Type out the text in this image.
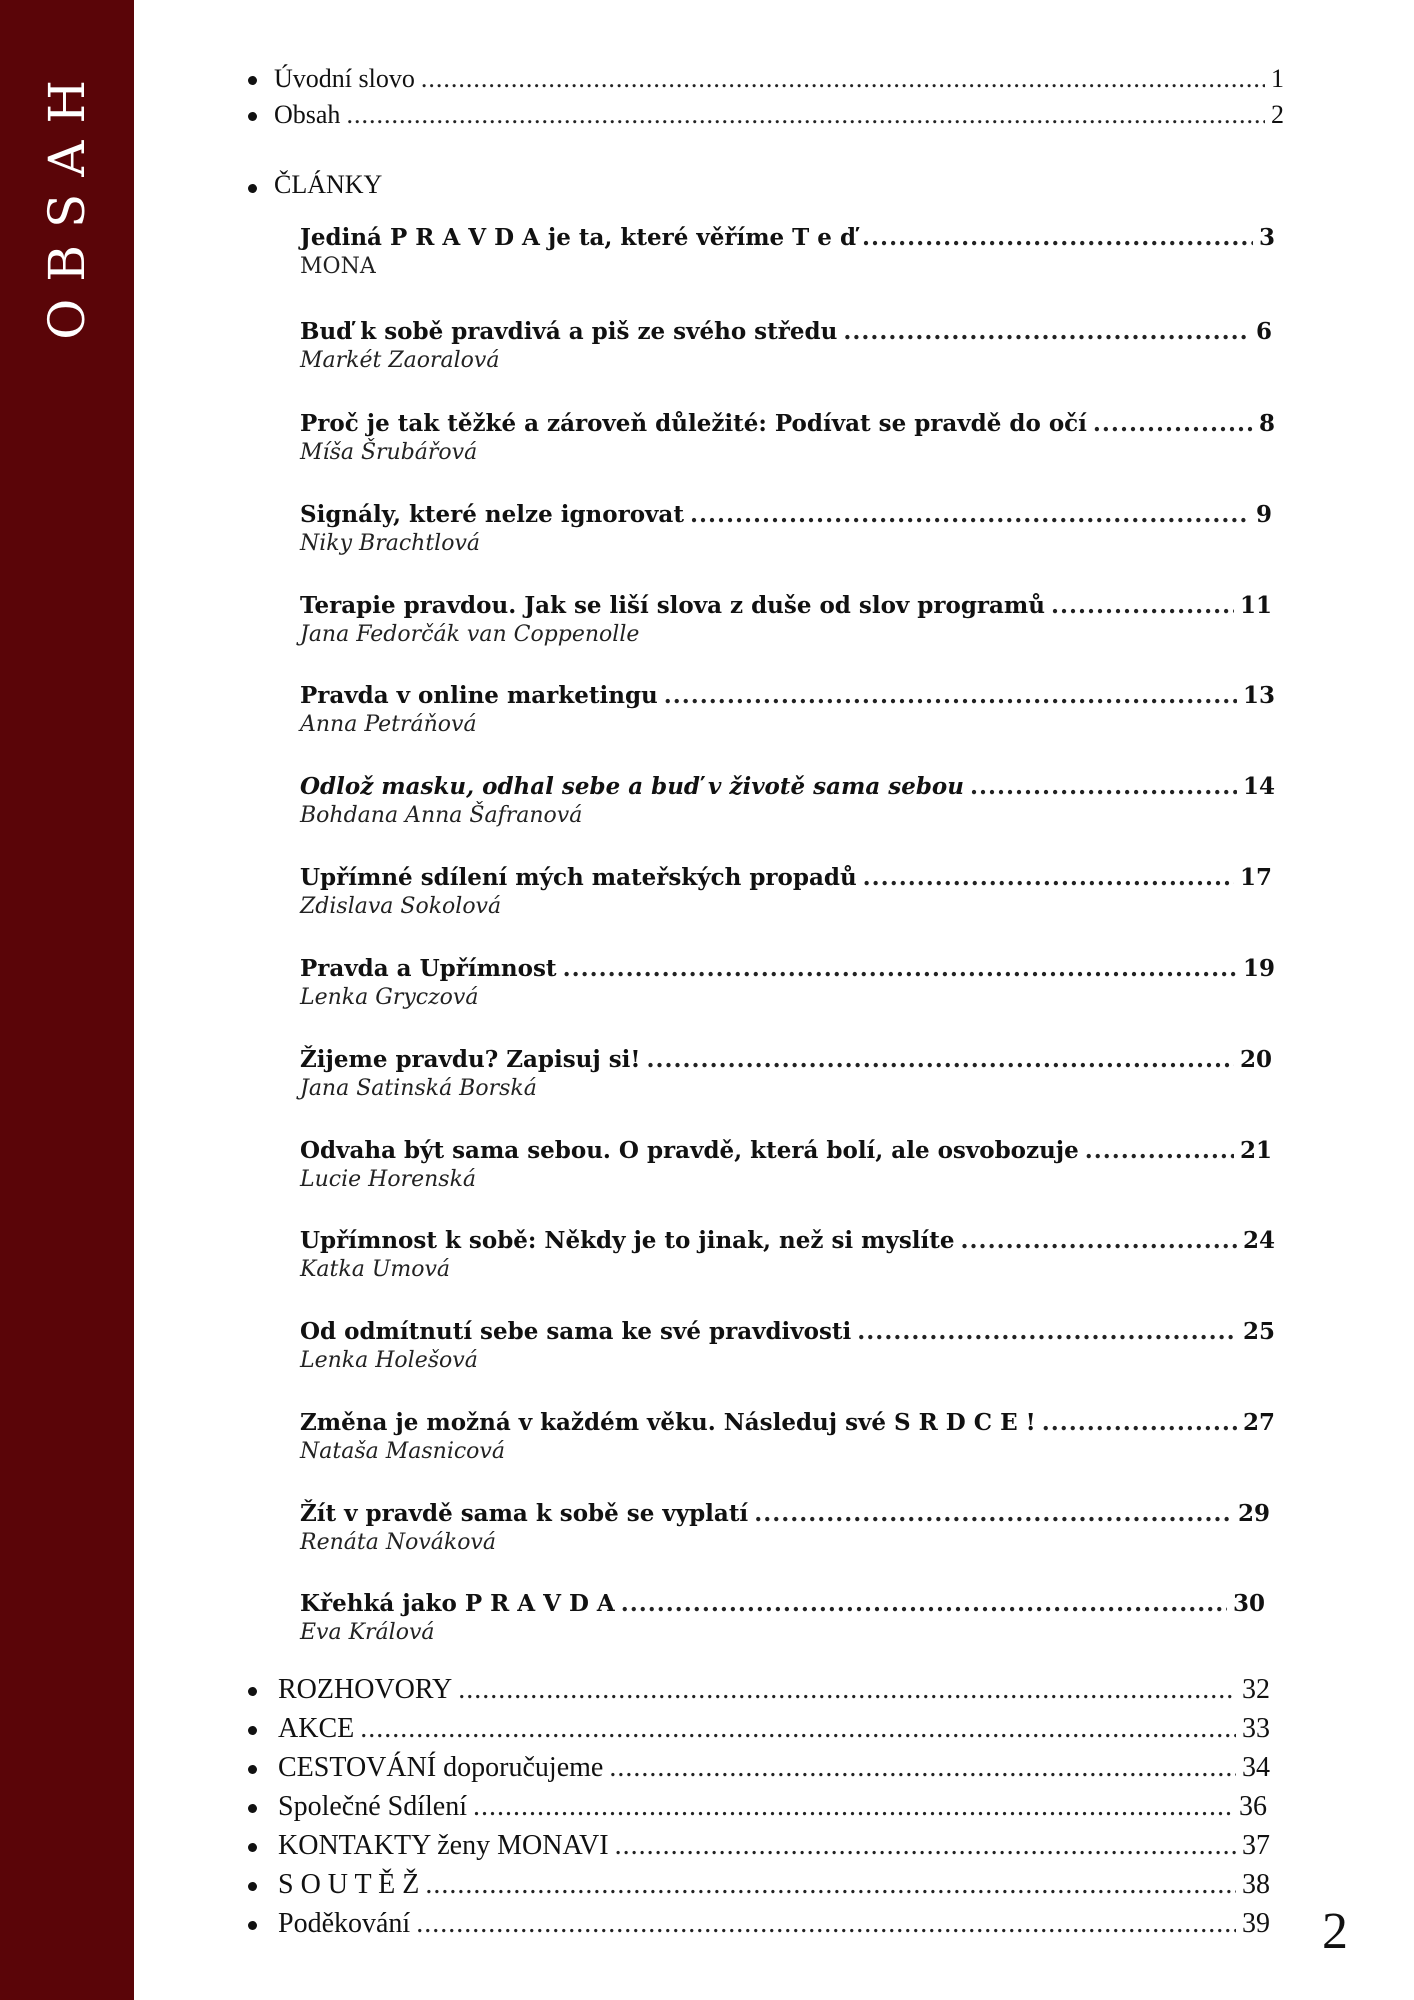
OBSAH	Úvodní slovo .....	1
Obsah .....	2
ČLÁNKY
Jediná P R A V D A je ta, které věříme T e ď .....	3
MONA
Buď k sobě pravdivá a piš ze svého středu .....	6
Markét Zaoralová
Proč je tak těžké a zároveň důležité: Podívat se pravdě do očí .....	8
Míša Šrubářová
Signály, které nelze ignorovat .....	9
Niky Brachtlová
Terapie pravdou. Jak se liší slova z duše od slov programů .....	11
Jana Fedorčák van Coppenolle
Pravda v online marketingu .....	13
Anna Petráňová
Odlož masku, odhal sebe a buď v životě sama sebou .....	14
Bohdana Anna Šafranová
Upřímné sdílení mých mateřských propadů .....	17
Zdislava Sokolová
Pravda a Upřímnost .....	19
Lenka Gryczová
Žijeme pravdu? Zapisuj si! .....	20
Jana Satinská Borská
Odvaha být sama sebou. O pravdě, která bolí, ale osvobozuje .....	21
Lucie Horenská
Upřímnost k sobě: Někdy je to jinak, než si myslíte .....	24
Katka Umová
Od odmítnutí sebe sama ke své pravdivosti .....	25
Lenka Holešová
Změna je možná v každém věku. Následuj své S R D C E ! .....	27
Nataša Masnicová
Žít v pravdě sama k sobě se vyplatí .....	29
Renáta Nováková
Křehká jako P R A V D A .....	30
Eva Králová
ROZHOVORY .....	32
AKCE .....	33
CESTOVÁNÍ doporučujeme .....	34
Společné Sdílení .....	36
KONTAKTY ženy MONAVI .....	37
S O U T Ě Ž .....	38
Poděkování .....	39 2
